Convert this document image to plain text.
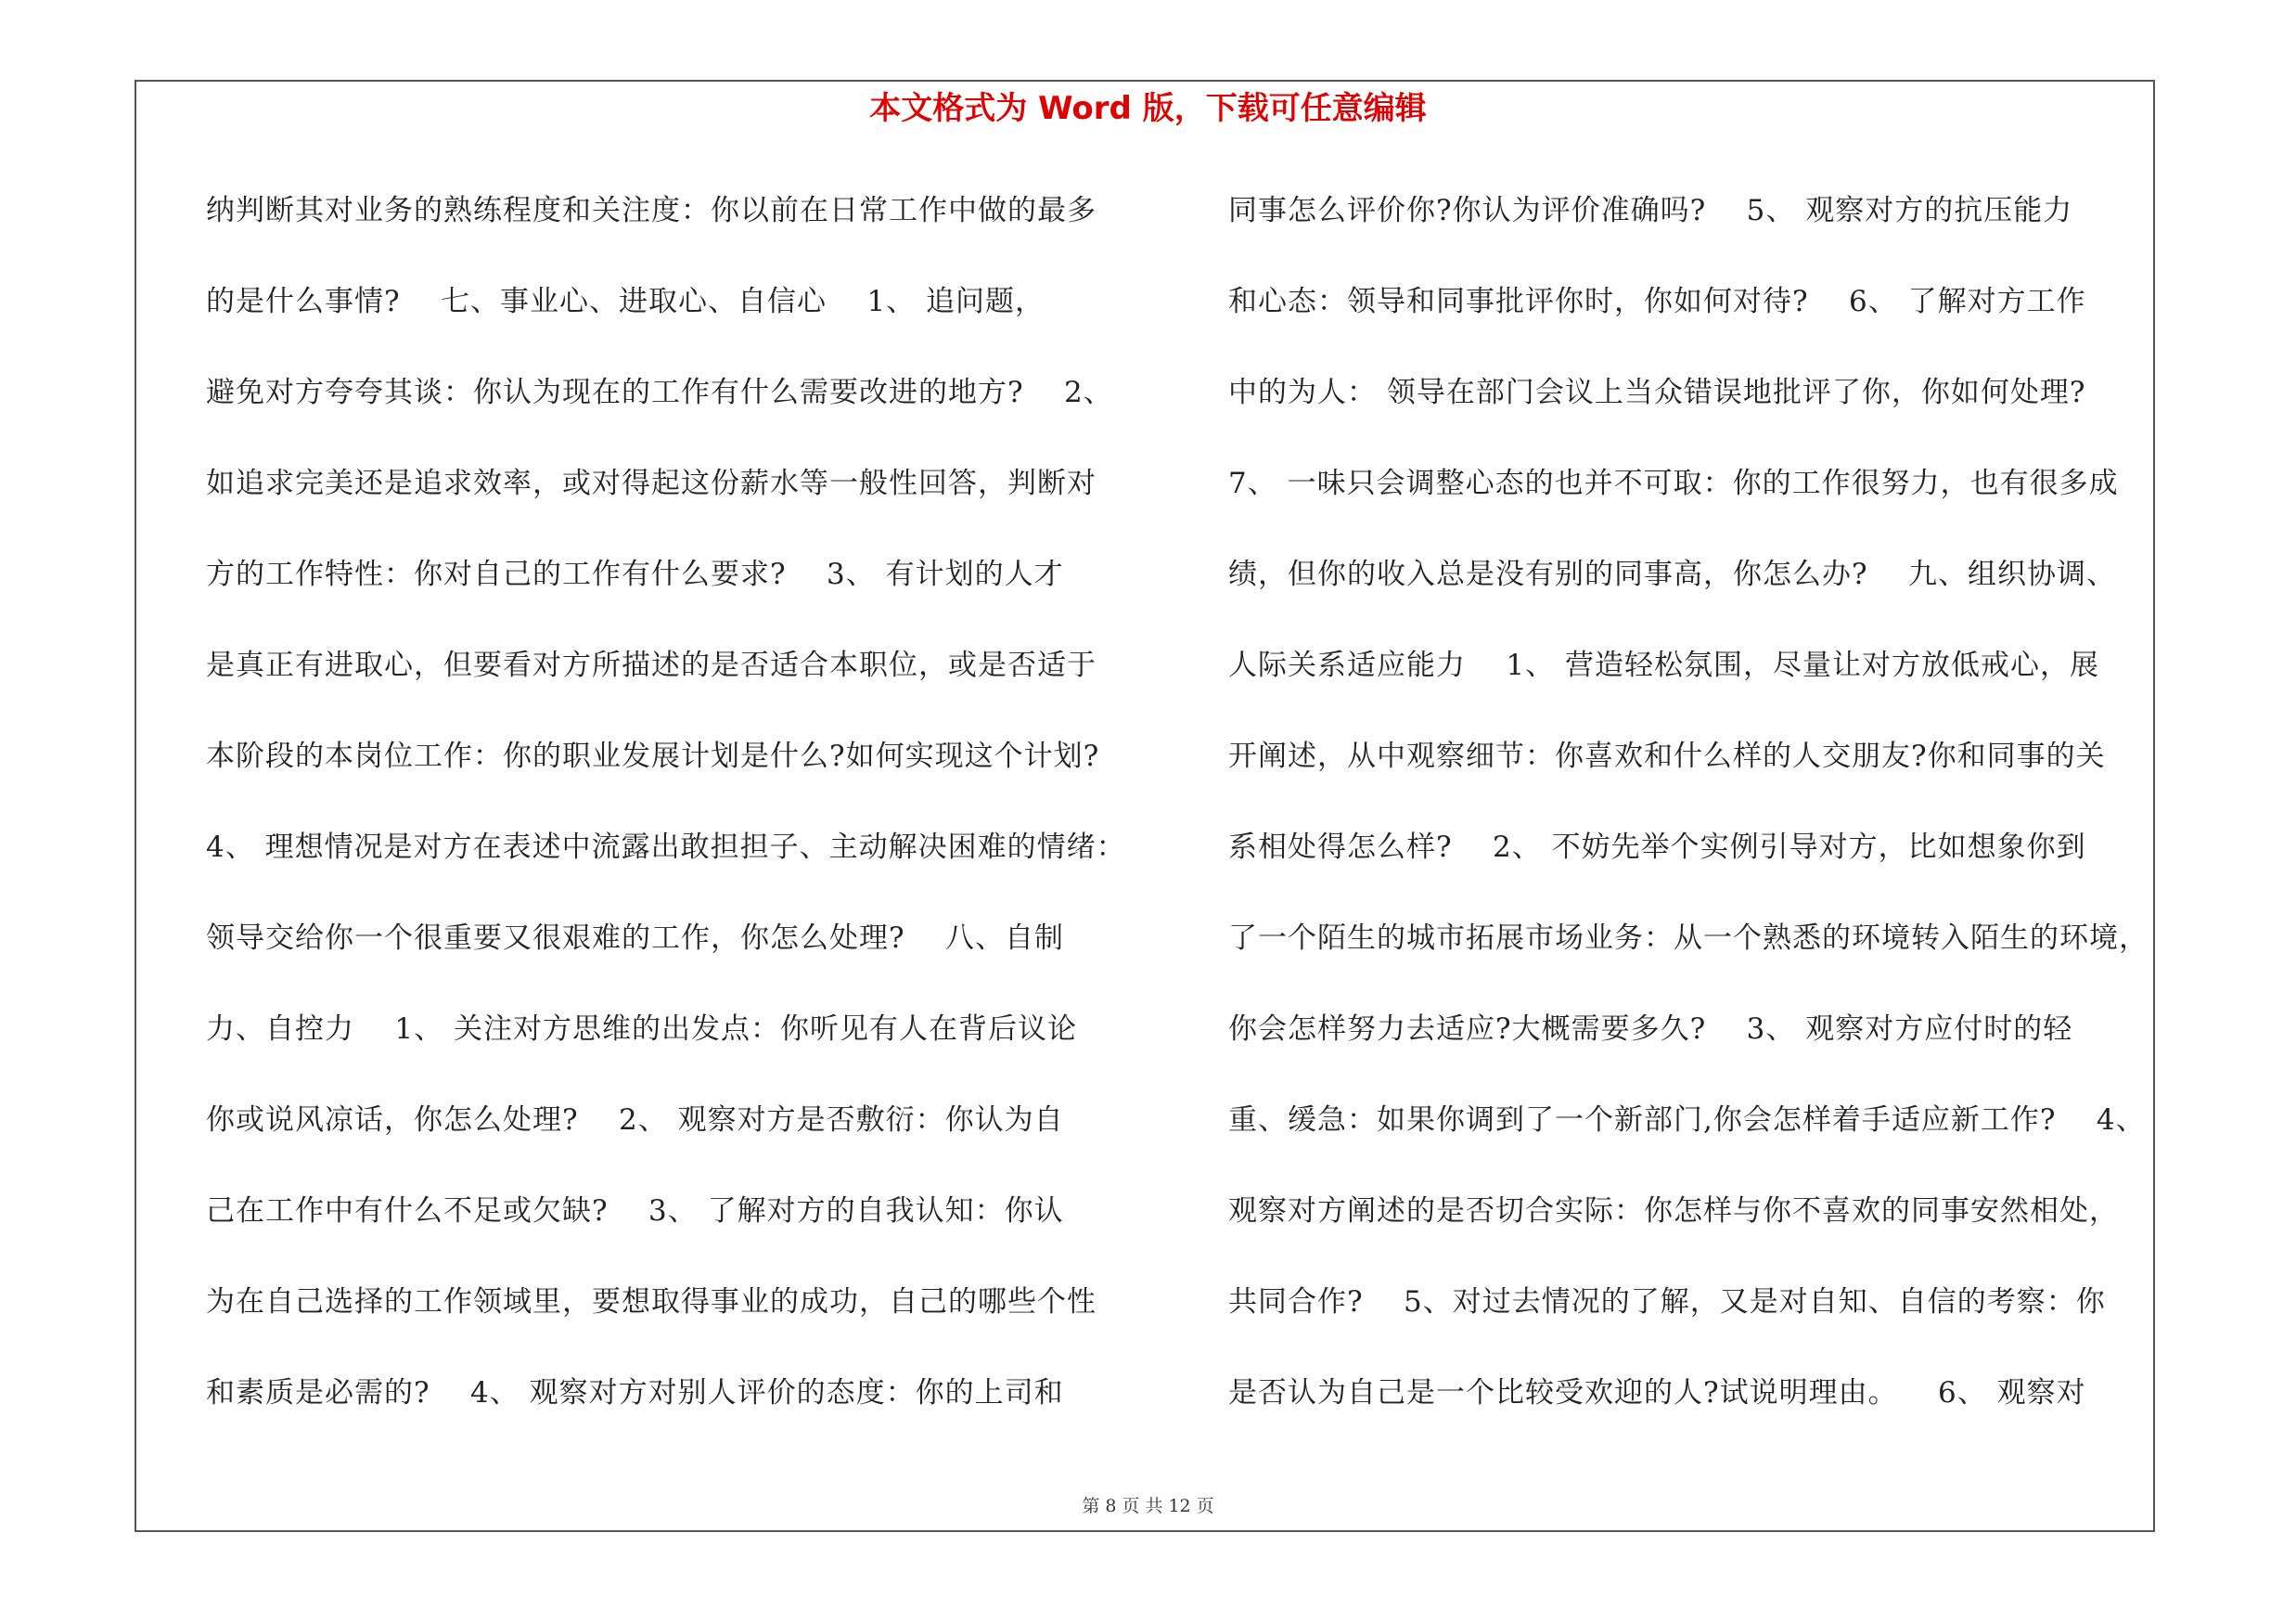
本文格式为 Word 版，下载可任意编辑
纳判断其对业务的熟练程度和关注度：你以前在日常工作中做的最多
的是什么事情?    七、事业心、进取心、自信心    1、 追问题，
避免对方夸夸其谈：你认为现在的工作有什么需要改进的地方?    2、
如追求完美还是追求效率，或对得起这份薪水等一般性回答，判断对
方的工作特性：你对自己的工作有什么要求?    3、 有计划的人才
是真正有进取心，但要看对方所描述的是否适合本职位，或是否适于
本阶段的本岗位工作：你的职业发展计划是什么?如何实现这个计划?
4、 理想情况是对方在表述中流露出敢担担子、主动解决困难的情绪：
领导交给你一个很重要又很艰难的工作，你怎么处理?    八、自制
力、自控力    1、 关注对方思维的出发点：你听见有人在背后议论
你或说风凉话，你怎么处理?    2、 观察对方是否敷衍：你认为自
己在工作中有什么不足或欠缺?    3、 了解对方的自我认知：你认
为在自己选择的工作领域里，要想取得事业的成功，自己的哪些个性
和素质是必需的?    4、 观察对方对别人评价的态度：你的上司和
同事怎么评价你?你认为评价准确吗?    5、 观察对方的抗压能力
和心态：领导和同事批评你时，你如何对待?    6、 了解对方工作
中的为人： 领导在部门会议上当众错误地批评了你，你如何处理?
7、 一味只会调整心态的也并不可取：你的工作很努力，也有很多成
绩，但你的收入总是没有别的同事高，你怎么办?    九、组织协调、
人际关系适应能力    1、 营造轻松氛围，尽量让对方放低戒心，展
开阐述，从中观察细节：你喜欢和什么样的人交朋友?你和同事的关
系相处得怎么样?    2、 不妨先举个实例引导对方，比如想象你到
了一个陌生的城市拓展市场业务：从一个熟悉的环境转入陌生的环境，
你会怎样努力去适应?大概需要多久?    3、 观察对方应付时的轻
重、缓急：如果你调到了一个新部门,你会怎样着手适应新工作?    4、
观察对方阐述的是否切合实际：你怎样与你不喜欢的同事安然相处，
共同合作?    5、对过去情况的了解，又是对自知、自信的考察：你
是否认为自己是一个比较受欢迎的人?试说明理由。    6、 观察对
第 8 页 共 12 页
